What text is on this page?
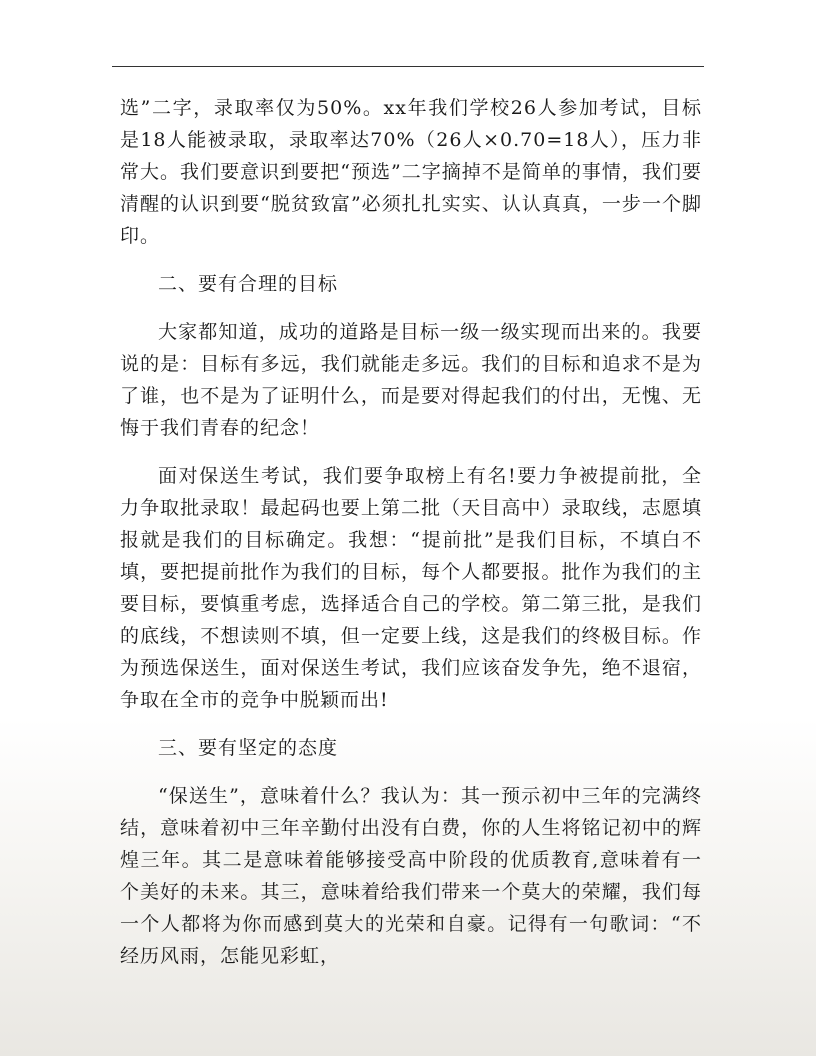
选”二字，录取率仅为50%。xx年我们学校26人参加考试，目标是18人能被录取，录取率达70%（26人×0.70=18人），压力非常大。我们要意识到要把“预选”二字摘掉不是简单的事情，我们要清醒的认识到要“脱贫致富”必须扎扎实实、认认真真，一步一个脚印。

二、要有合理的目标

大家都知道，成功的道路是目标一级一级实现而出来的。我要说的是：目标有多远，我们就能走多远。我们的目标和追求不是为了谁，也不是为了证明什么，而是要对得起我们的付出，无愧、无悔于我们青春的纪念！

面对保送生考试，我们要争取榜上有名!要力争被提前批，全力争取批录取！最起码也要上第二批（天目高中）录取线，志愿填报就是我们的目标确定。我想：“提前批”是我们目标，不填白不填，要把提前批作为我们的目标，每个人都要报。批作为我们的主要目标，要慎重考虑，选择适合自己的学校。第二第三批，是我们的底线，不想读则不填，但一定要上线，这是我们的终极目标。作为预选保送生，面对保送生考试，我们应该奋发争先，绝不退宿，争取在全市的竞争中脱颖而出!

三、要有坚定的态度

“保送生”，意味着什么？我认为：其一预示初中三年的完满终结，意味着初中三年辛勤付出没有白费，你的人生将铭记初中的辉煌三年。其二是意味着能够接受高中阶段的优质教育,意味着有一个美好的未来。其三，意味着给我们带来一个莫大的荣耀，我们每一个人都将为你而感到莫大的光荣和自豪。记得有一句歌词：“不经历风雨，怎能见彩虹，
